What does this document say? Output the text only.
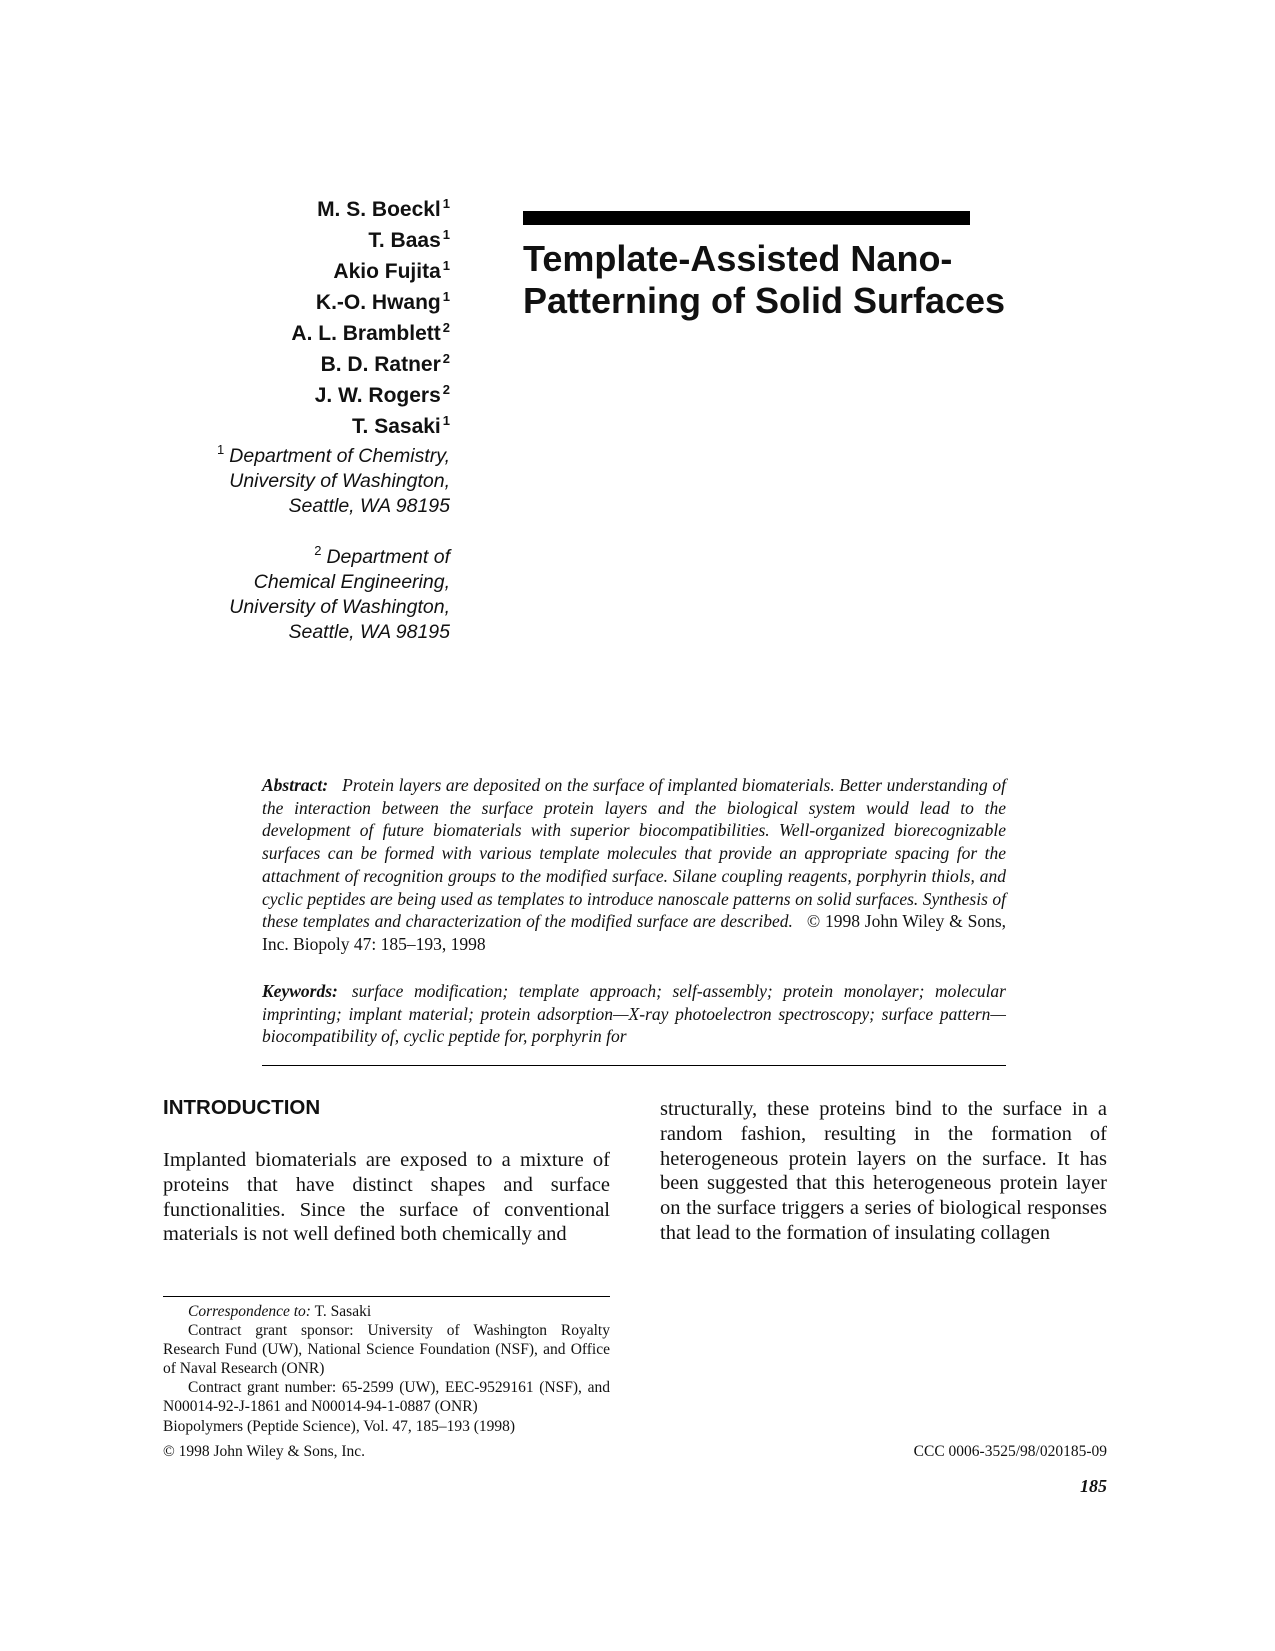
M. S. Boeckl $^1$
T. Baas $^1$
Akio Fujita $^1$
K.-O. Hwang $^1$
A. L. Bramblett $^2$
B. D. Ratner $^2$
J. W. Rogers $^2$
T. Sasaki $^1$
$^1$ Department of Chemistry,
University of Washington,
Seattle, WA 98195
$^2$ Department of
Chemical Engineering,
University of Washington,
Seattle, WA 98195
Template-Assisted Nano-
Patterning of Solid Surfaces

Abstract: Protein layers are deposited on the surface of implanted biomaterials. Better understanding of the interaction between the surface protein layers and the biological system would lead to the development of future biomaterials with superior biocompatibilities. Well-organized biorecognizable surfaces can be formed with various template molecules that provide an appropriate spacing for the attachment of recognition groups to the modified surface. Silane coupling reagents, porphyrin thiols, and cyclic peptides are being used as templates to introduce nanoscale patterns on solid surfaces. Synthesis of these templates and characterization of the modified surface are described. © 1998 John Wiley & Sons, Inc. Biopoly 47: 185–193, 1998

Keywords: surface modification; template approach; self-assembly; protein monolayer; molecular imprinting; implant material; protein adsorption—X-ray photoelectron spectroscopy; surface pattern—biocompatibility of, cyclic peptide for, porphyrin for

INTRODUCTION

Implanted biomaterials are exposed to a mixture of proteins that have distinct shapes and surface functionalities. Since the surface of conventional materials is not well defined both chemically and

structurally, these proteins bind to the surface in a random fashion, resulting in the formation of heterogeneous protein layers on the surface. It has been suggested that this heterogeneous protein layer on the surface triggers a series of biological responses that lead to the formation of insulating collagen

Correspondence to: T. Sasaki

Contract grant sponsor: University of Washington Royalty Research Fund (UW), National Science Foundation (NSF), and Office of Naval Research (ONR)

Contract grant number: 65-2599 (UW), EEC-9529161 (NSF), and N00014-92-J-1861 and N00014-94-1-0887 (ONR)

Biopolymers (Peptide Science), Vol. 47, 185–193 (1998)
© 1998 John Wiley & Sons, Inc.	CCC 0006-3525/98/020185-09
185
